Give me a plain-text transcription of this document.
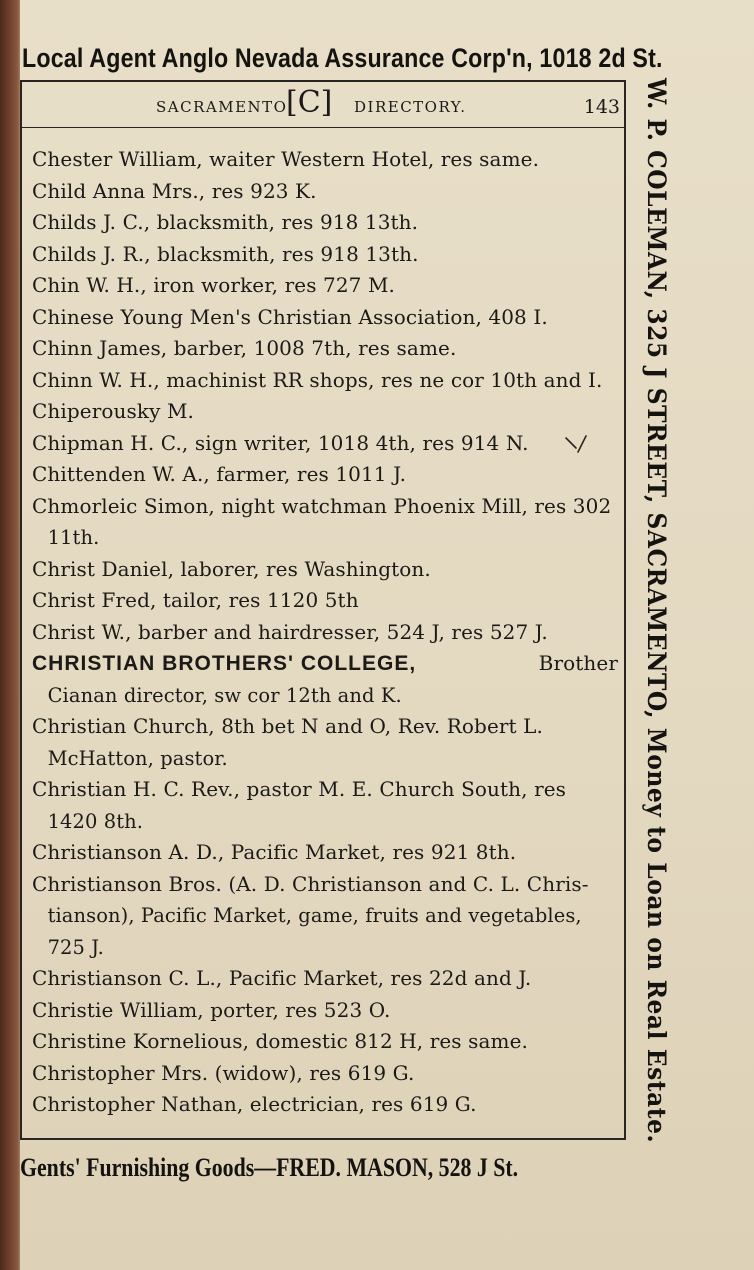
Local Agent Anglo Nevada Assurance Corp'n, 1018 2d St.
SACRAMENTO
[C] DIRECTORY.	143
Chester William, waiter Western Hotel, res same.
Child Anna Mrs., res 923 K.
Childs J. C., blacksmith, res 918 13th.
Childs J. R., blacksmith, res 918 13th.
Chin W. H., iron worker, res 727 M.
Chinese Young Men's Christian Association, 408 I.
Chinn James, barber, 1008 7th, res same.
Chinn W. H., machinist RR shops, res ne cor 10th and I.
Chiperousky M.
Chipman H. C., sign writer, 1018 4th, res 914 N.
Chittenden W. A., farmer, res 1011 J.
Chmorleic Simon, night watchman Phoenix Mill, res 302
11th.
Christ Daniel, laborer, res Washington.
Christ Fred, tailor, res 1120 5th
Christ W., barber and hairdresser, 524 J, res 527 J.
CHRISTIAN BROTHERS' COLLEGE,	Brother
Cianan director, sw cor 12th and K.
Christian Church, 8th bet N and O, Rev. Robert L.
McHatton, pastor.
Christian H. C. Rev., pastor M. E. Church South, res
1420 8th.
Christianson A. D., Pacific Market, res 921 8th.
Christianson Bros. (A. D. Christianson and C. L. Chris-
tianson), Pacific Market, game, fruits and vegetables,
725 J.
Christianson C. L., Pacific Market, res 22d and J.
Christie William, porter, res 523 O.
Christine Kornelious, domestic 812 H, res same.
Christopher Mrs. (widow), res 619 G.
Christopher Nathan, electrician, res 619 G.	W. P. COLEMAN, 325 J STREET, SACRAMENTO, Money to Loan on Real Estate.
Gents' Furnishing Goods—FRED. MASON, 528 J St.
